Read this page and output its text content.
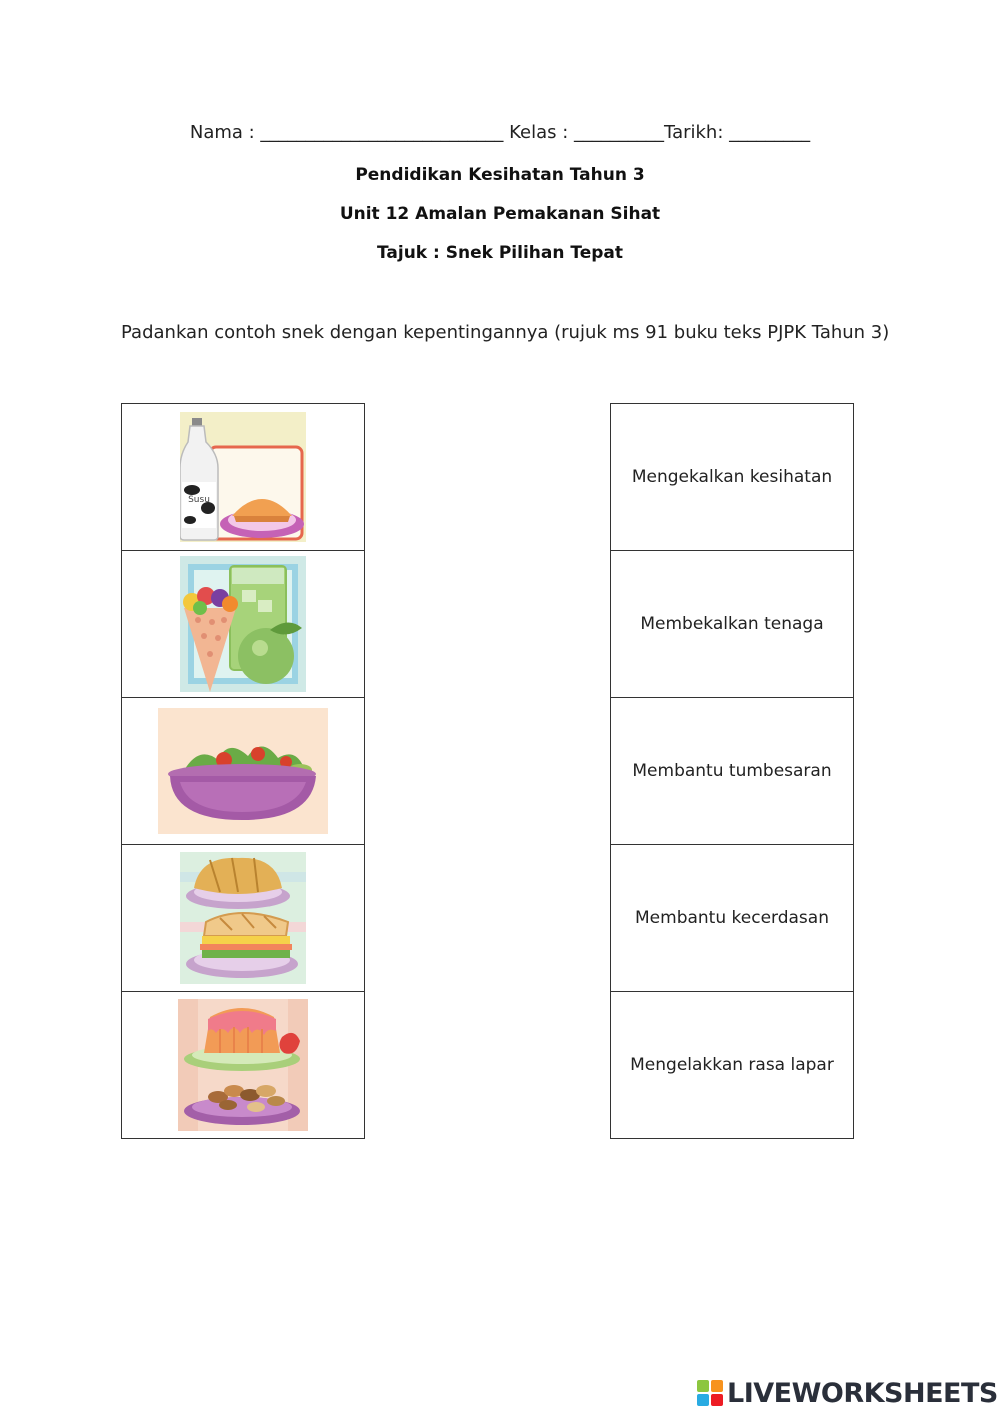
Nama : ___________________________ Kelas : __________Tarikh: _________
Pendidikan Kesihatan Tahun 3
Unit 12 Amalan Pemakanan Sihat
Tajuk : Snek Pilihan Tepat
Padankan contoh snek dengan kepentingannya (rujuk ms 91 buku teks PJPK Tahun 3)
Susu
Mengekalkan kesihatan
Membekalkan tenaga
Membantu tumbesaran
Membantu kecerdasan
Mengelakkan rasa lapar
LIVEWORKSHEETS
